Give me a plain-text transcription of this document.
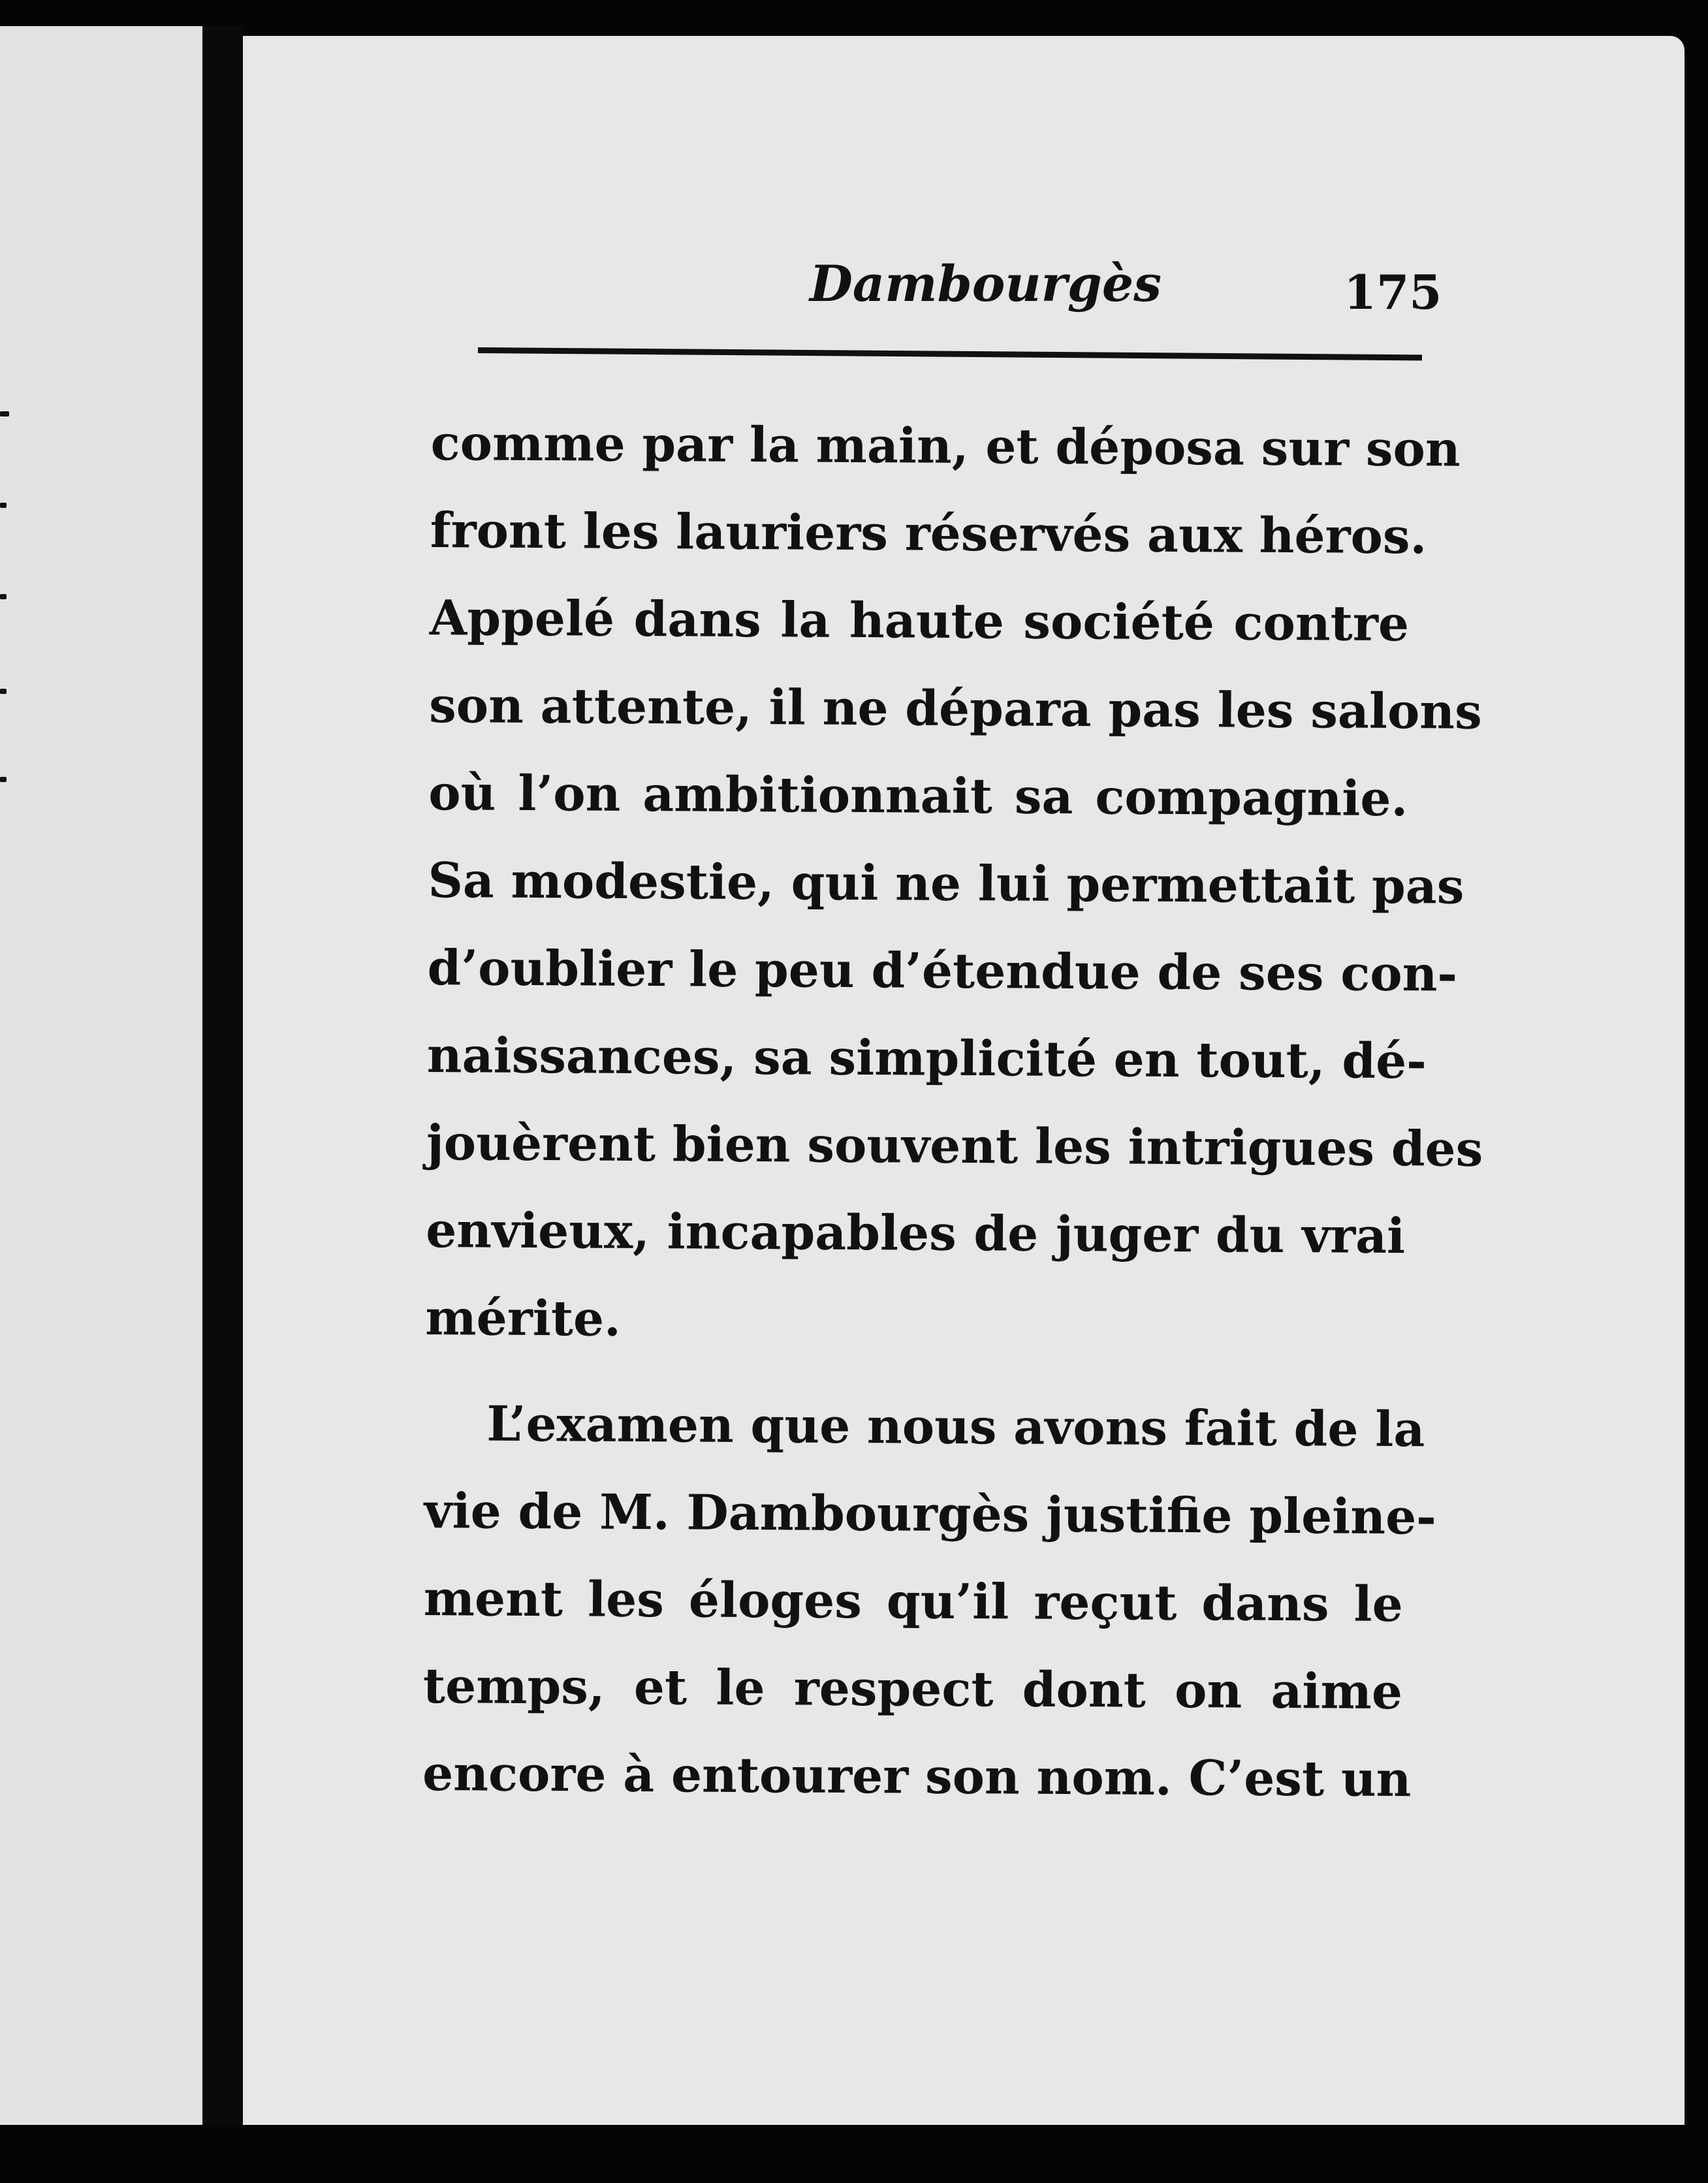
Dambourgès	175
comme par la main, et déposa sur son
front les lauriers réservés aux héros.
Appelé dans la haute société contre
son attente, il ne dépara pas les salons
où l’on ambitionnait sa compagnie.
Sa modestie, qui ne lui permettait pas
d’oublier le peu d’étendue de ses con-
naissances, sa simplicité en tout, dé-
jouèrent bien souvent les intrigues des
envieux, incapables de juger du vrai
mérite.
L’examen que nous avons fait de la
vie de M. Dambourgès justifie pleine-
ment les éloges qu’il reçut dans le
temps, et le respect dont on aime
encore à entourer son nom. C’est un
